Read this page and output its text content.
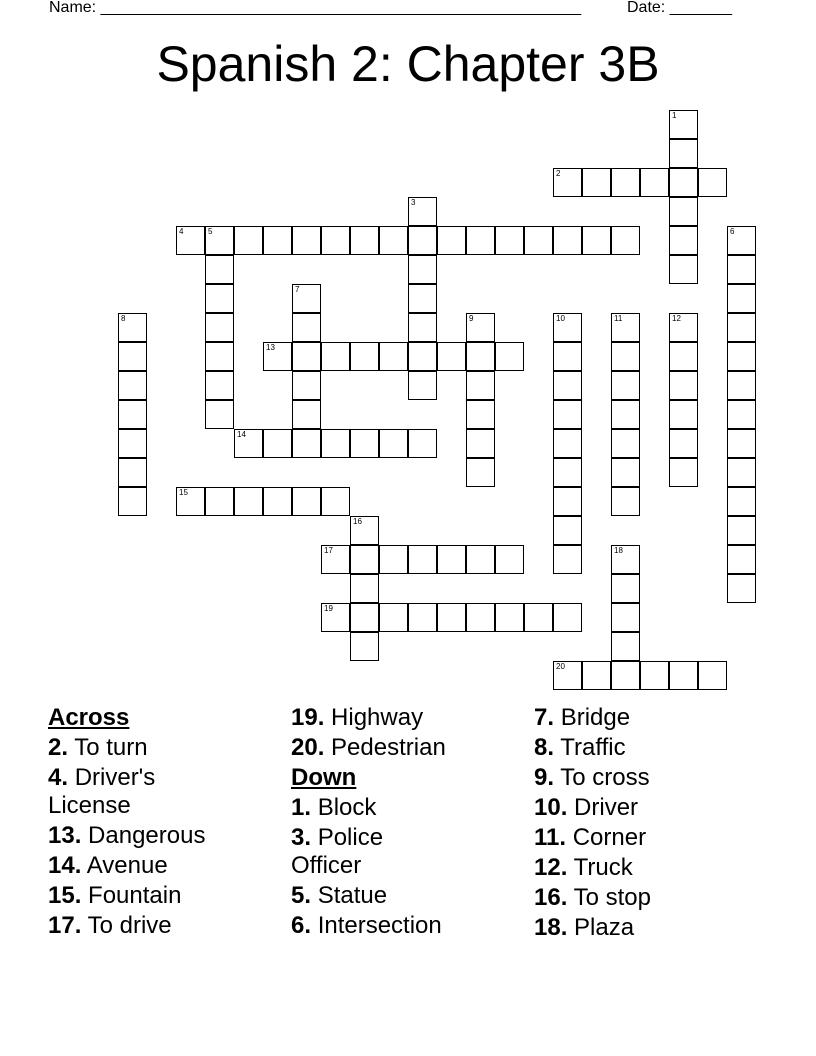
Name: ______________________________________________________	Date: _______
Spanish 2: Chapter 3B
1
2
3
4	5	6
7
8	9	10	11	12
13
14
15
16
17	18
19
20
Across
2. To turn
4. Driver's
License
13. Dangerous
14. Avenue
15. Fountain
17. To drive
19. Highway
20. Pedestrian
Down
1. Block
3. Police
Officer
5. Statue
6. Intersection
7. Bridge
8. Traffic
9. To cross
10. Driver
11. Corner
12. Truck
16. To stop
18. Plaza
